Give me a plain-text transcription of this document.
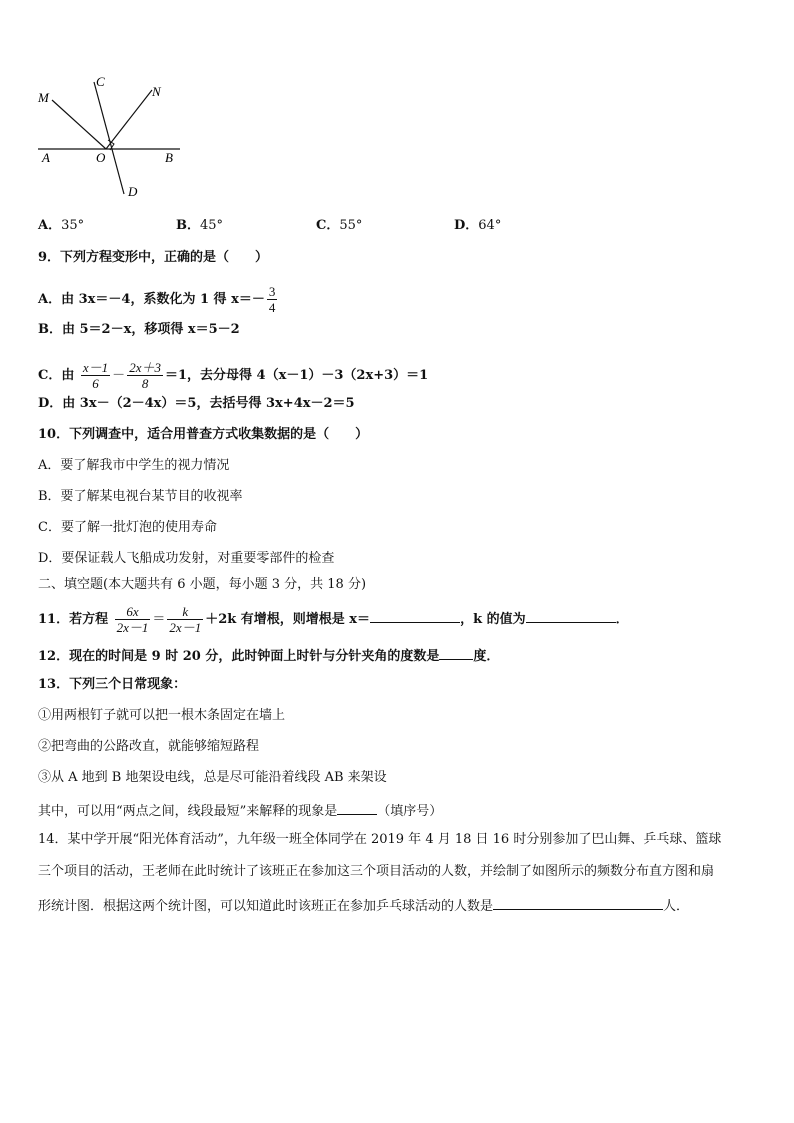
M
C
N
A	O	B
D
A．35°	B．45°	C．55°	D．64°
9．下列方程变形中，正确的是（　　）
A．由 3x＝－4，系数化为 1 得 $x=- \frac{3}{4}$
B．由 5＝2－x，移项得 x＝5－2
C．由 $\frac{x-1}{6} - \frac{2x+3}{8} =1$，去分母得 4（x－1）－3（2x+3）＝1
D．由 3x－（2－4x）＝5，去括号得 3x+4x－2＝5
10．下列调查中，适合用普查方式收集数据的是（　　）
A．要了解我市中学生的视力情况
B．要了解某电视台某节目的收视率
C．要了解一批灯泡的使用寿命
D．要保证载人飞船成功发射，对重要零部件的检查
二、填空题(本大题共有 6 小题，每小题 3 分，共 18 分)
11．若方程 $\frac{6x}{2x-1} = \frac{k}{2x-1} +2k$ 有增根，则增根是 x＝	，k 的值为	．
12．现在的时间是 9 时 20 分，此时钟面上时针与分针夹角的度数是	度．
13．下列三个日常现象：
①用两根钉子就可以把一根木条固定在墙上
②把弯曲的公路改直，就能够缩短路程
③从 A 地到 B 地架设电线，总是尽可能沿着线段 AB 来架设
其中，可以用“两点之间，线段最短”来解释的现象是	（填序号）
14．某中学开展“阳光体育活动”，九年级一班全体同学在 2019 年 4 月 18 日 16 时分别参加了巴山舞、乒乓球、篮球
三个项目的活动，王老师在此时统计了该班正在参加这三个项目活动的人数，并绘制了如图所示的频数分布直方图和扇
形统计图．根据这两个统计图，可以知道此时该班正在参加乒乓球活动的人数是	人．
